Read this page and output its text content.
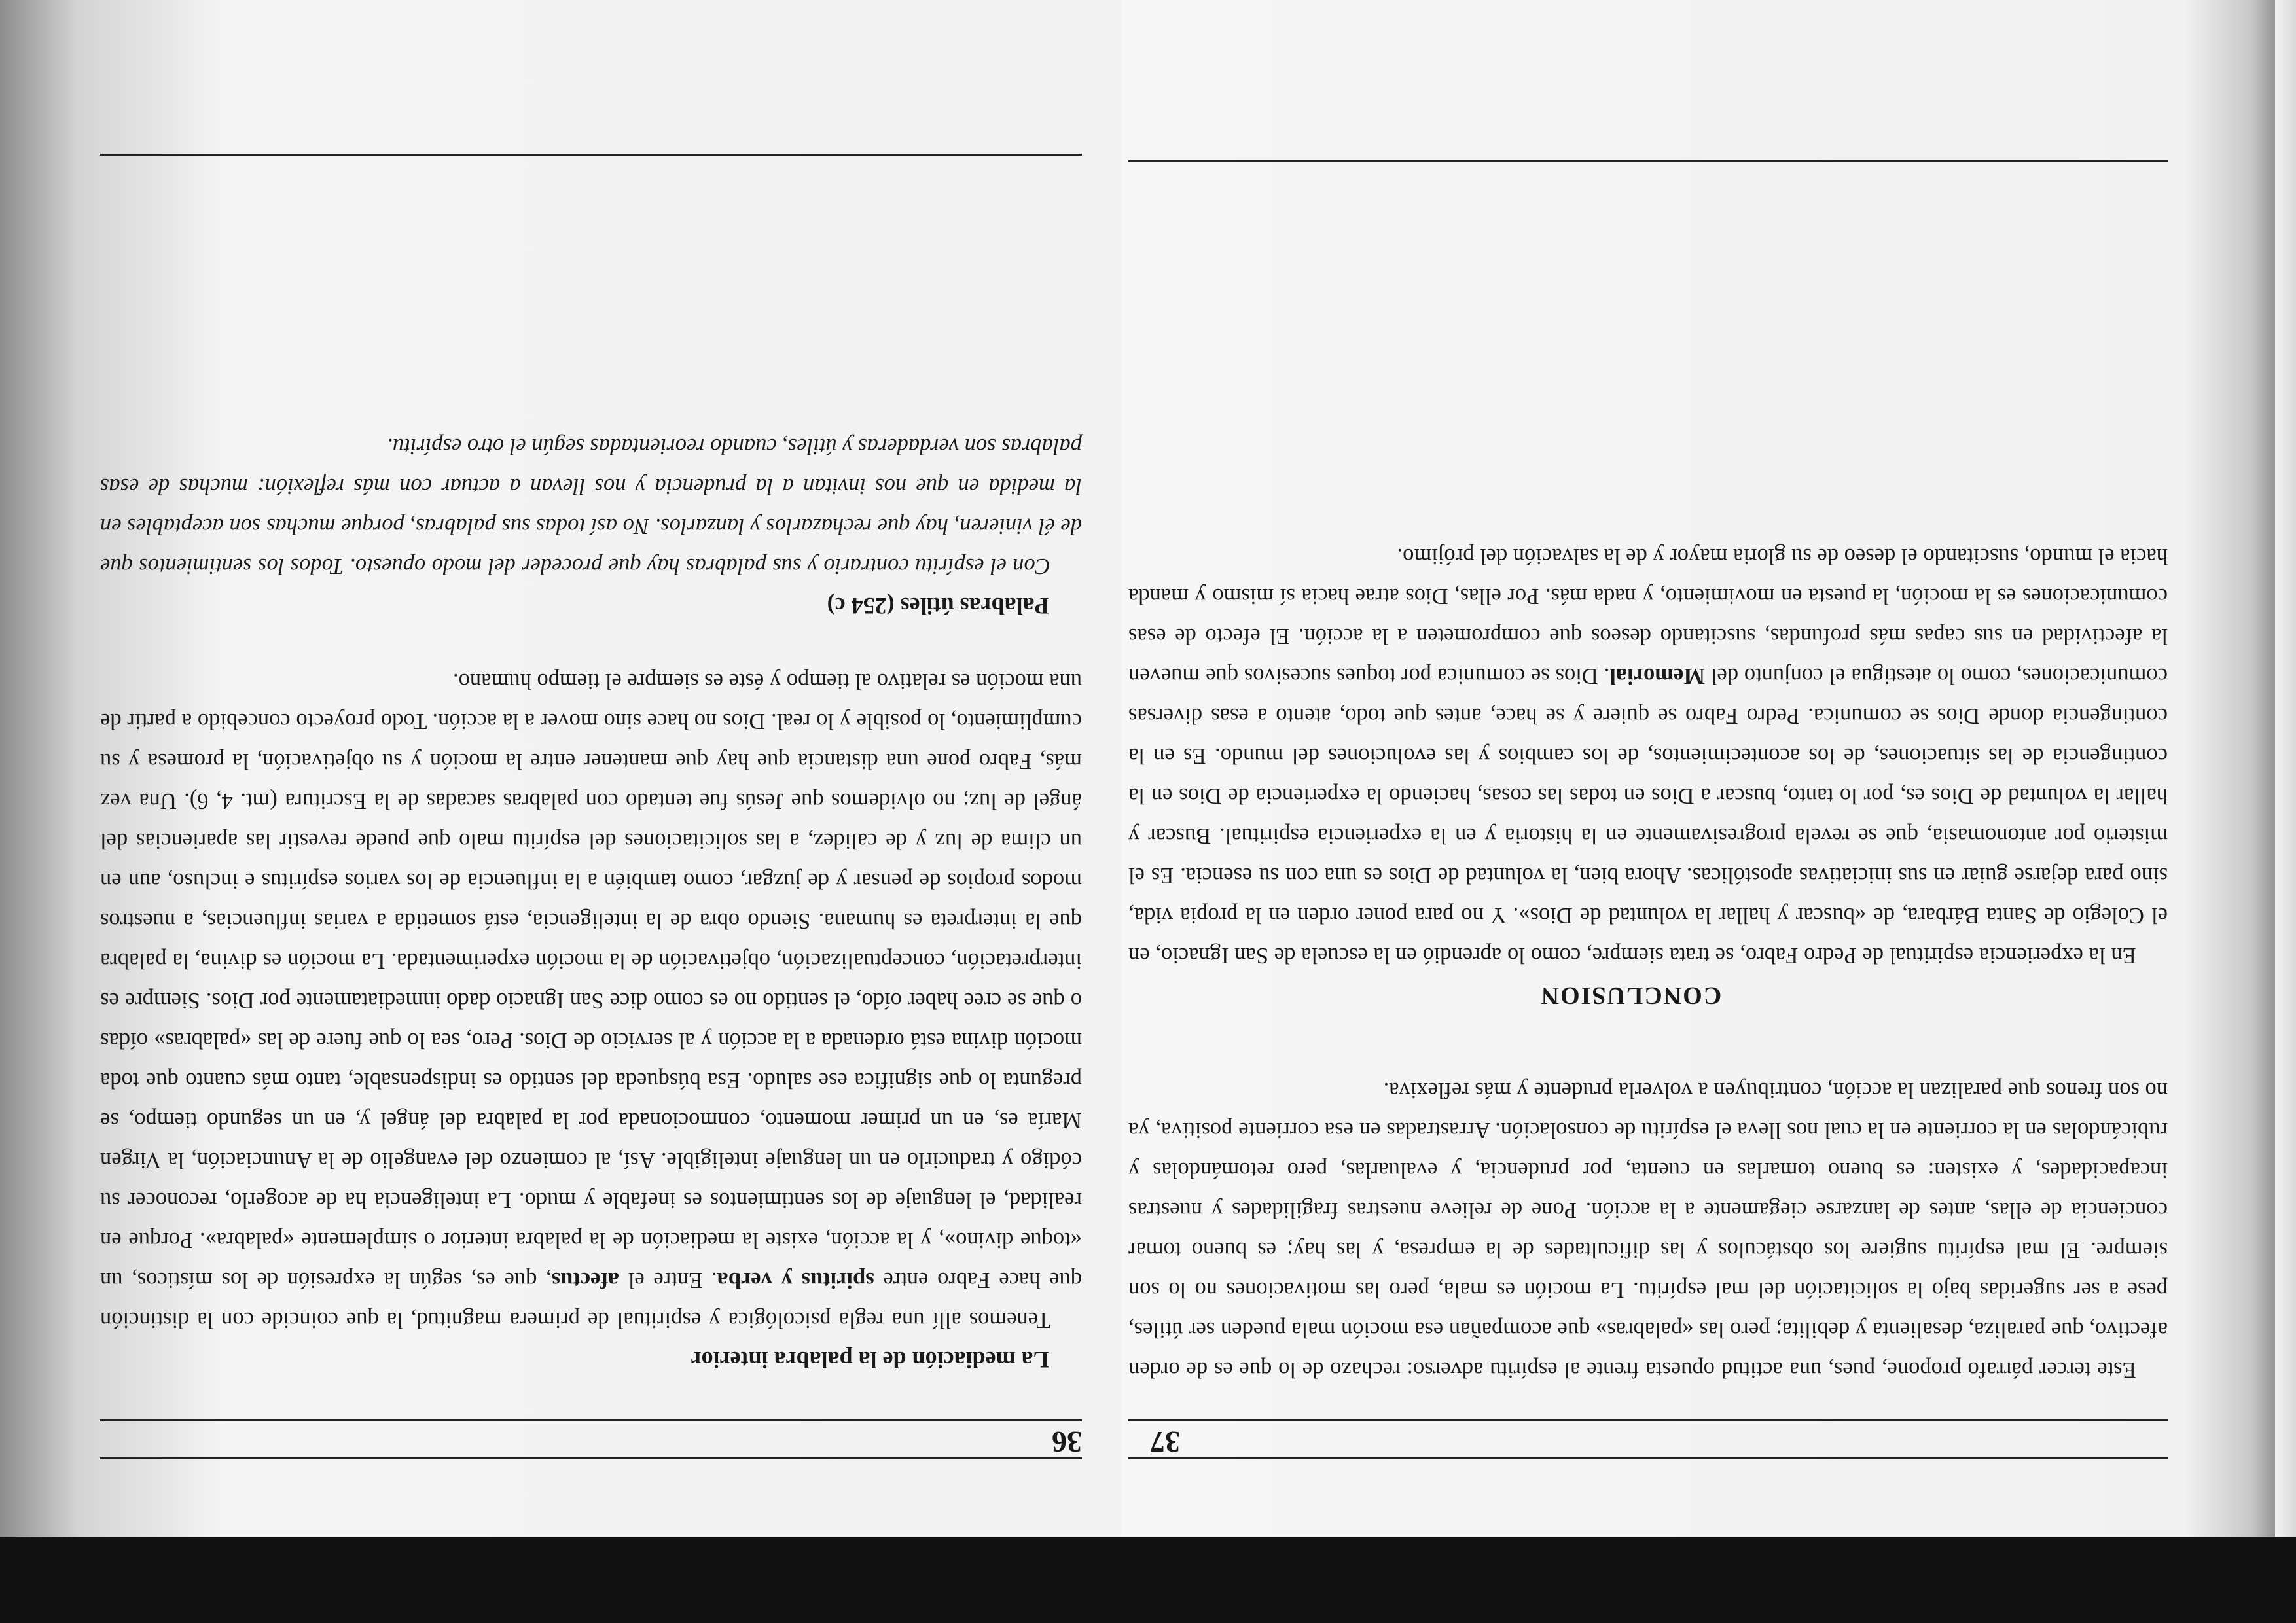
37

Este tercer párrafo propone, pues, una actitud opuesta frente al espíritu adverso: rechazo de lo que es de orden afectivo, que paraliza, desalienta y debilita; pero las «palabras» que acompañan esa moción mala pueden ser útiles, pese a ser sugeridas bajo la solicitación del mal espíritu. La moción es mala, pero las motivaciones no lo son siempre. El mal espíritu sugiere los obstáculos y las dificultades de la empresa, y las hay; es bueno tomar conciencia de ellas, antes de lanzarse ciegamente a la acción. Pone de relieve nuestras fragilidades y nuestras incapacidades, y existen: es bueno tomarlas en cuenta, por prudencia, y evaluarlas, pero retomándolas y rubicándolas en la corriente en la cual nos lleva el espíritu de consolación. Arrastradas en esa corriente positiva, ya no son frenos que paralizan la acción, contribuyen a volverla prudente y más reflexiva.

CONCLUSION

En la experiencia espiritual de Pedro Fabro, se trata siempre, como lo aprendió en la escuela de San Ignacio, en el Colegio de Santa Bárbara, de «buscar y hallar la voluntad de Dios». Y no para poner orden en la propia vida, sino para dejarse guiar en sus iniciativas apostólicas. Ahora bien, la voluntad de Dios es una con su esencia. Es el misterio por antonomasia, que se revela progresivamente en la historia y en la experiencia espiritual. Buscar y hallar la voluntad de Dios es, por lo tanto, buscar a Dios en todas las cosas, haciendo la experiencia de Dios en la contingencia de las situaciones, de los acontecimientos, de los cambios y las evoluciones del mundo. Es en la contingencia donde Dios se comunica. Pedro Fabro se quiere y se hace, antes que todo, atento a esas diversas comunicaciones, como lo atestigua el conjunto del Memorial. Dios se comunica por toques sucesivos que mueven la afectividad en sus capas más profundas, suscitando deseos que comprometen a la acción. El efecto de esas comunicaciones es la moción, la puesta en movimiento, y nada más. Por ellas, Dios atrae hacia sí mismo y manda hacia el mundo, suscitando el deseo de su gloria mayor y de la salvación del prójimo.

36

La mediación de la palabra interior

Tenemos allí una regla psicológica y espiritual de primera magnitud, la que coincide con la distinción que hace Fabro entre spiritus y verba. Entre el afectus, que es, según la expresión de los místicos, un «toque divino», y la acción, existe la mediación de la palabra interior o simplemente «palabra». Porque en realidad, el lenguaje de los sentimientos es inefable y mudo. La inteligencia ha de acogerlo, reconocer su código y traducirlo en un lenguaje inteligible. Así, al comienzo del evangelio de la Anunciación, la Virgen María es, en un primer momento, conmocionada por la palabra del ángel y, en un segundo tiempo, se pregunta lo que significa ese saludo. Esa búsqueda del sentido es indispensable, tanto más cuanto que toda moción divina está ordenada a la acción y al servicio de Dios. Pero, sea lo que fuere de las «palabras» oídas o que se cree haber oído, el sentido no es como dice San Ignacio dado inmediatamente por Dios. Siempre es interpretación, conceptualización, objetivación de la moción experimentada. La moción es divina, la palabra que la interpreta es humana. Siendo obra de la inteligencia, está sometida a varias influencias, a nuestros modos propios de pensar y de juzgar, como también a la influencia de los varios espíritus e incluso, aun en un clima de luz y de calidez, a las solicitaciones del espíritu malo que puede revestir las apariencias del ángel de luz; no olvidemos que Jesús fue tentado con palabras sacadas de la Escritura (mt. 4, 6). Una vez más, Fabro pone una distancia que hay que mantener entre la moción y su objetivación, la promesa y su cumplimiento, lo posible y lo real. Dios no hace sino mover a la acción. Todo proyecto concebido a partir de una moción es relativo al tiempo y éste es siempre el tiempo humano.

Palabras útiles (254 c)

Con el espíritu contrario y sus palabras hay que proceder del modo opuesto. Todos los sentimientos que de él vinieren, hay que rechazarlos y lanzarlos. No así todas sus palabras, porque muchas son aceptables en la medida en que nos invitan a la prudencia y nos llevan a actuar con más reflexión: muchas de esas palabras son verdaderas y útiles, cuando reorientadas según el otro espíritu.
